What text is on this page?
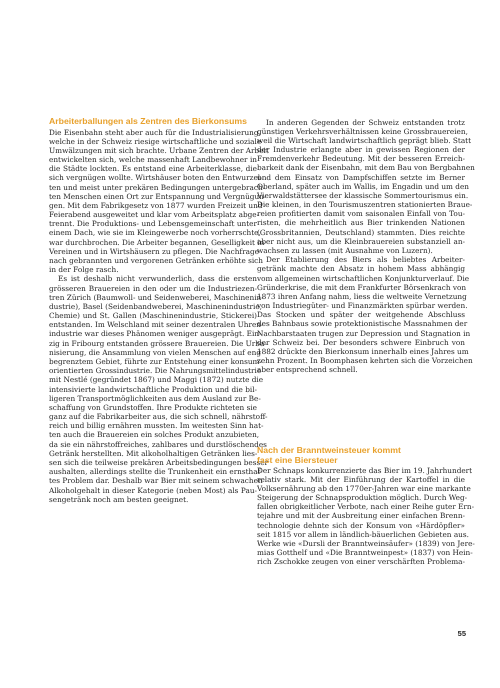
Arbeiterballungen als Zentren des Bierkonsums
Die Eisenbahn steht aber auch für die Industrialisierung,
welche in der Schweiz riesige wirtschaftliche und soziale
Umwälzungen mit sich brachte. Urbane Zentren der Arbeit
entwickelten sich, welche massenhaft Landbewohner in
die Städte lockten. Es entstand eine Arbeiterklasse, die
sich vergnügen wollte. Wirtshäuser boten den Entwurzel-
ten und meist unter prekären Bedingungen untergebrach-
ten Menschen einen Ort zur Entspannung und Vergnügun-
gen. Mit dem Fabrikgesetz von 1877 wurden Freizeit und
Feierabend ausgeweitet und klar vom Arbeitsplatz abge-
trennt. Die Produktions- und Lebensgemeinschaft unter
einem Dach, wie sie im Kleingewerbe noch vorherrschte,
war durchbrochen. Die Arbeiter begannen, Geselligkeit in
Vereinen und in Wirtshäusern zu pflegen. Die Nachfrage
nach gebrannten und vergorenen Getränken erhöhte sich
in der Folge rasch.
Es ist deshalb nicht verwunderlich, dass die ersten
grösseren Brauereien in den oder um die Industriezen-
tren Zürich (Baumwoll- und Seidenweberei, Maschinenin-
dustrie), Basel (Seidenbandweberei, Maschinenindustrie,
Chemie) und St. Gallen (Maschinenindustrie, Stickerei)
entstanden. Im Welschland mit seiner dezentralen Uhren-
industrie war dieses Phänomen weniger ausgeprägt. Ein-
zig in Fribourg entstanden grössere Brauereien. Die Urba-
nisierung, die Ansammlung von vielen Menschen auf eng
begrenztem Gebiet, führte zur Entstehung einer konsum-
orientierten Grossindustrie. Die Nahrungsmittelindustrie
mit Nestlé (gegründet 1867) und Maggi (1872) nutzte die
intensivierte landwirtschaftliche Produktion und die bil-
ligeren Transportmöglichkeiten aus dem Ausland zur Be-
schaffung von Grundstoffen. Ihre Produkte richteten sie
ganz auf die Fabrikarbeiter aus, die sich schnell, nährstoff-
reich und billig ernähren mussten. Im weitesten Sinn hat-
ten auch die Brauereien ein solches Produkt anzubieten,
da sie ein nährstoffreiches, zahlbares und durstlöschendes
Getränk herstellten. Mit alkoholhaltigen Getränken lies-
sen sich die teilweise prekären Arbeitsbedingungen besser
aushalten, allerdings stellte die Trunkenheit ein ernsthaf-
tes Problem dar. Deshalb war Bier mit seinem schwachen
Alkoholgehalt in dieser Kategorie (neben Most) als Pau-
sengetränk noch am besten geeignet.
In anderen Gegenden der Schweiz entstanden trotz
günstigen Verkehrsverhältnissen keine Grossbrauereien,
weil die Wirtschaft landwirtschaftlich geprägt blieb. Statt
der Industrie erlangte aber in gewissen Regionen der
Fremdenverkehr Bedeutung. Mit der besseren Erreich-
barkeit dank der Eisenbahn, mit dem Bau von Bergbahnen
und dem Einsatz von Dampfschiffen setzte im Berner
Oberland, später auch im Wallis, im Engadin und um den
Vierwaldstättersee der klassische Sommertourismus ein.
Die kleinen, in den Tourismuszentren stationierten Braue-
reien profitierten damit vom saisonalen Einfall von Tou-
risten, die mehrheitlich aus Bier trinkenden Nationen
(Grossbritannien, Deutschland) stammten. Dies reichte
aber nicht aus, um die Kleinbrauereien substanziell an-
wachsen zu lassen (mit Ausnahme von Luzern).
Der Etablierung des Biers als beliebtes Arbeiter-
getränk machte den Absatz in hohem Mass abhängig
vom allgemeinen wirtschaftlichen Konjunkturverlauf. Die
Gründerkrise, die mit dem Frankfurter Börsenkrach von
1873 ihren Anfang nahm, liess die weltweite Vernetzung
von Industriegüter- und Finanzmärkten spürbar werden.
Das Stocken und später der weitgehende Abschluss
des Bahnbaus sowie protektionistische Massnahmen der
Nachbarstaaten trugen zur Depression und Stagnation in
der Schweiz bei. Der besonders schwere Einbruch von
1882 drückte den Bierkonsum innerhalb eines Jahres um
zehn Prozent. In Boomphasen kehrten sich die Vorzeichen
aber entsprechend schnell.
Nach der Branntweinsteuer kommt
fast eine Biersteuer
Der Schnaps konkurrenzierte das Bier im 19. Jahrhundert
relativ stark. Mit der Einführung der Kartoffel in die
Volksernährung ab den 1770er-Jahren war eine markante
Steigerung der Schnapsproduktion möglich. Durch Weg-
fallen obrigkeitlicher Verbote, nach einer Reihe guter Ern-
tejahre und mit der Ausbreitung einer einfachen Brenn-
technologie dehnte sich der Konsum von «Härdöpfler»
seit 1815 vor allem in ländlich-bäuerlichen Gebieten aus.
Werke wie «Dursli der Branntweinsäufer» (1839) von Jere-
mias Gotthelf und «Die Branntweinpest» (1837) von Hein-
rich Zschokke zeugen von einer verschärften Problema-
55
